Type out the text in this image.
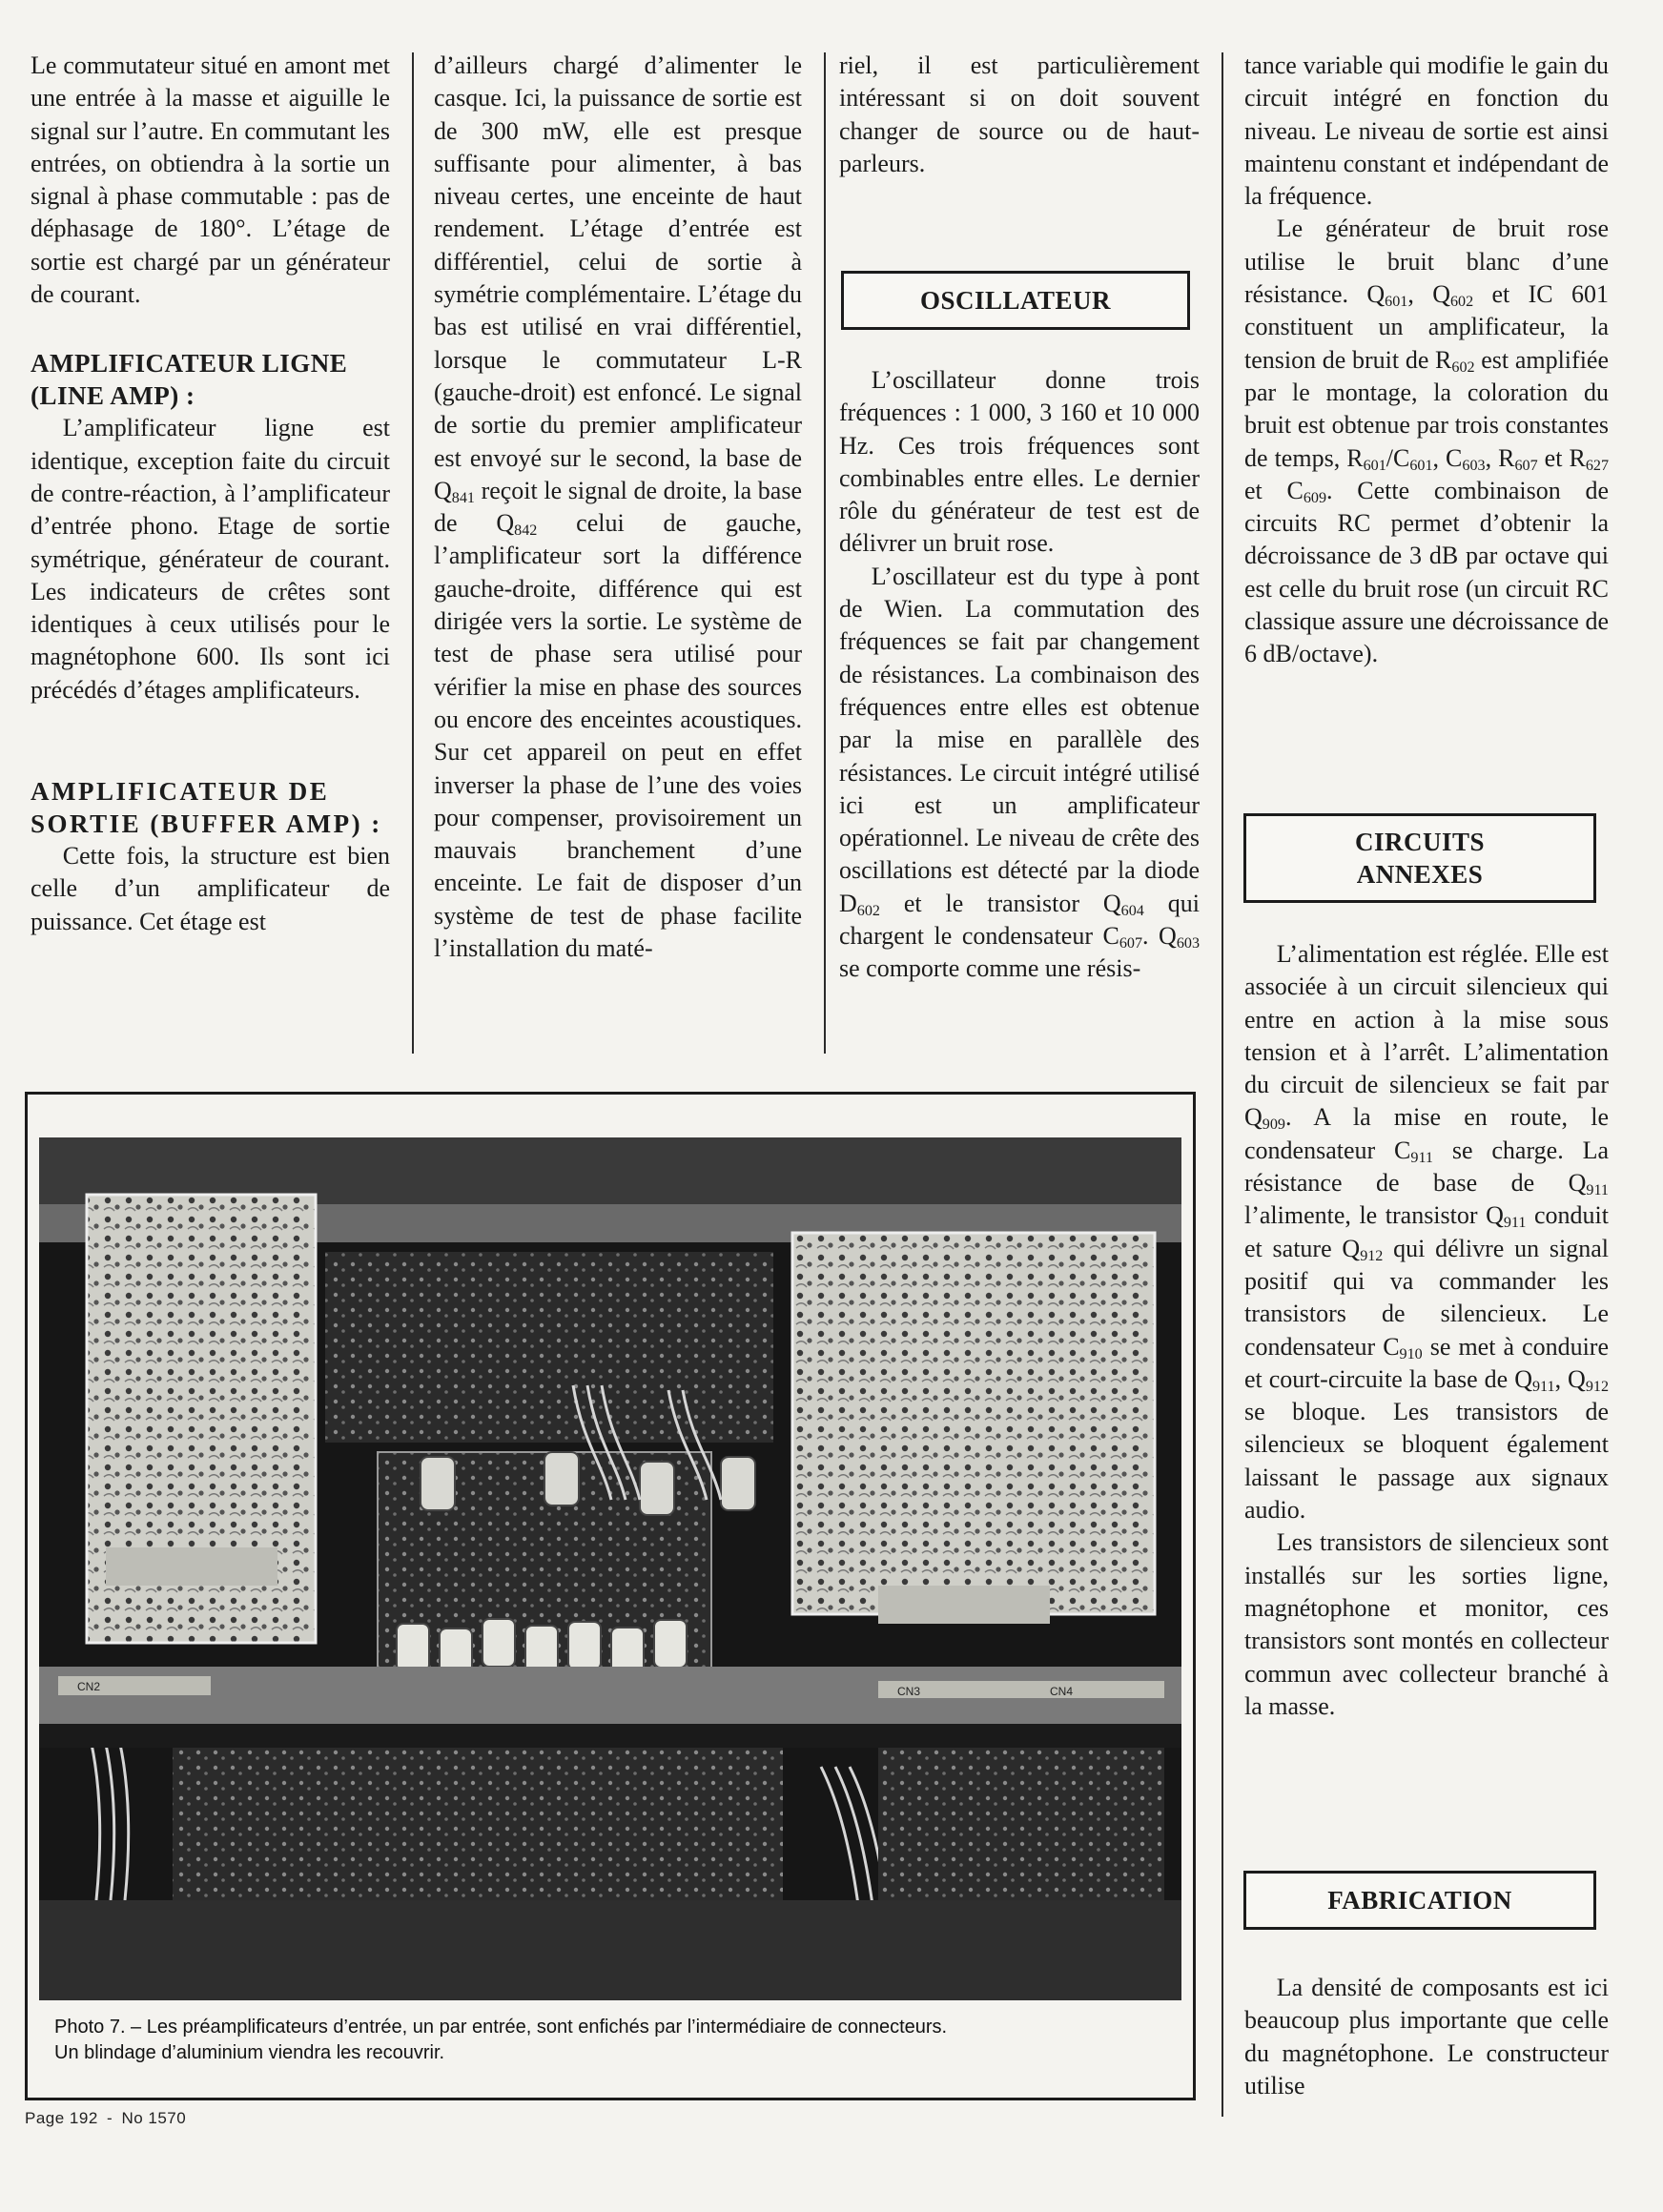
Le commutateur situé en amont met une entrée à la masse et aiguille le signal sur l’autre. En commutant les entrées, on obtiendra à la sortie un signal à phase commutable : pas de déphasage de 180°. L’étage de sortie est chargé par un générateur de courant.

AMPLIFICATEUR LIGNE (LINE AMP) :

L’amplificateur ligne est identique, exception faite du circuit de contre-réaction, à l’amplificateur d’entrée phono. Etage de sortie symétrique, générateur de courant. Les indicateurs de crêtes sont identiques à ceux utilisés pour le magnétophone 600. Ils sont ici précédés d’étages amplificateurs.

AMPLIFICATEUR DE SORTIE (BUFFER AMP) :

Cette fois, la structure est bien celle d’un amplificateur de puissance. Cet étage est

d’ailleurs chargé d’alimenter le casque. Ici, la puissance de sortie est de 300 mW, elle est presque suffisante pour alimenter, à bas niveau certes, une enceinte de haut rendement. L’étage d’entrée est différentiel, celui de sortie à symétrie complémentaire. L’étage du bas est utilisé en vrai différentiel, lorsque le commutateur L-R (gauche-droit) est enfoncé. Le signal de sortie du premier amplificateur est envoyé sur le second, la base de $Q_{841}$ reçoit le signal de droite, la base de $Q_{842}$ celui de gauche, l’amplificateur sort la différence gauche-droite, différence qui est dirigée vers la sortie. Le système de test de phase sera utilisé pour vérifier la mise en phase des sources ou encore des enceintes acoustiques. Sur cet appareil on peut en effet inverser la phase de l’une des voies pour compenser, provisoirement un mauvais branchement d’une enceinte. Le fait de disposer d’un système de test de phase facilite l’installation du maté-

riel, il est particulièrement intéressant si on doit souvent changer de source ou de haut-parleurs.

OSCILLATEUR

L’oscillateur donne trois fréquences : 1 000, 3 160 et 10 000 Hz. Ces trois fréquences sont combinables entre elles. Le dernier rôle du générateur de test est de délivrer un bruit rose.

L’oscillateur est du type à pont de Wien. La commutation des fréquences se fait par changement de résistances. La combinaison des fréquences entre elles est obtenue par la mise en parallèle des résistances. Le circuit intégré utilisé ici est un amplificateur opérationnel. Le niveau de crête des oscillations est détecté par la diode $D_{602}$ et le transistor $Q_{604}$ qui chargent le condensateur $C_{607}$. $Q_{603}$ se comporte comme une résis-

tance variable qui modifie le gain du circuit intégré en fonction du niveau. Le niveau de sortie est ainsi maintenu constant et indépendant de la fréquence.

Le générateur de bruit rose utilise le bruit blanc d’une résistance. $Q_{601}$, $Q_{602}$ et IC 601 constituent un amplificateur, la tension de bruit de $R_{602}$ est amplifiée par le montage, la coloration du bruit est obtenue par trois constantes de temps, $R_{601}/C_{601}$, $C_{603}$, $R_{607}$ et $R_{627}$ et $C_{609}$. Cette combinaison de circuits RC permet d’obtenir la décroissance de 3 dB par octave qui est celle du bruit rose (un circuit RC classique assure une décroissance de 6 dB/octave).

CIRCUITS
ANNEXES

L’alimentation est réglée. Elle est associée à un circuit silencieux qui entre en action à la mise sous tension et à l’arrêt. L’alimentation du circuit de silencieux se fait par $Q_{909}$. A la mise en route, le condensateur $C_{911}$ se charge. La résistance de base de $Q_{911}$ l’alimente, le transistor $Q_{911}$ conduit et sature $Q_{912}$ qui délivre un signal positif qui va commander les transistors de silencieux. Le condensateur $C_{910}$ se met à conduire et court-circuite la base de $Q_{911}$, $Q_{912}$ se bloque. Les transistors de silencieux se bloquent également laissant le passage aux signaux audio.

Les transistors de silencieux sont installés sur les sorties ligne, magnétophone et monitor, ces transistors sont montés en collecteur commun avec collecteur branché à la masse.

FABRICATION

La densité de composants est ici beaucoup plus importante que celle du magnétophone. Le constructeur utilise

CN2	CN3	CN4
Photo 7. – Les préamplificateurs d’entrée, un par entrée, sont enfichés par l’intermédiaire de connecteurs.
Un blindage d’aluminium viendra les recouvrir.
Page 192 - No 1570
